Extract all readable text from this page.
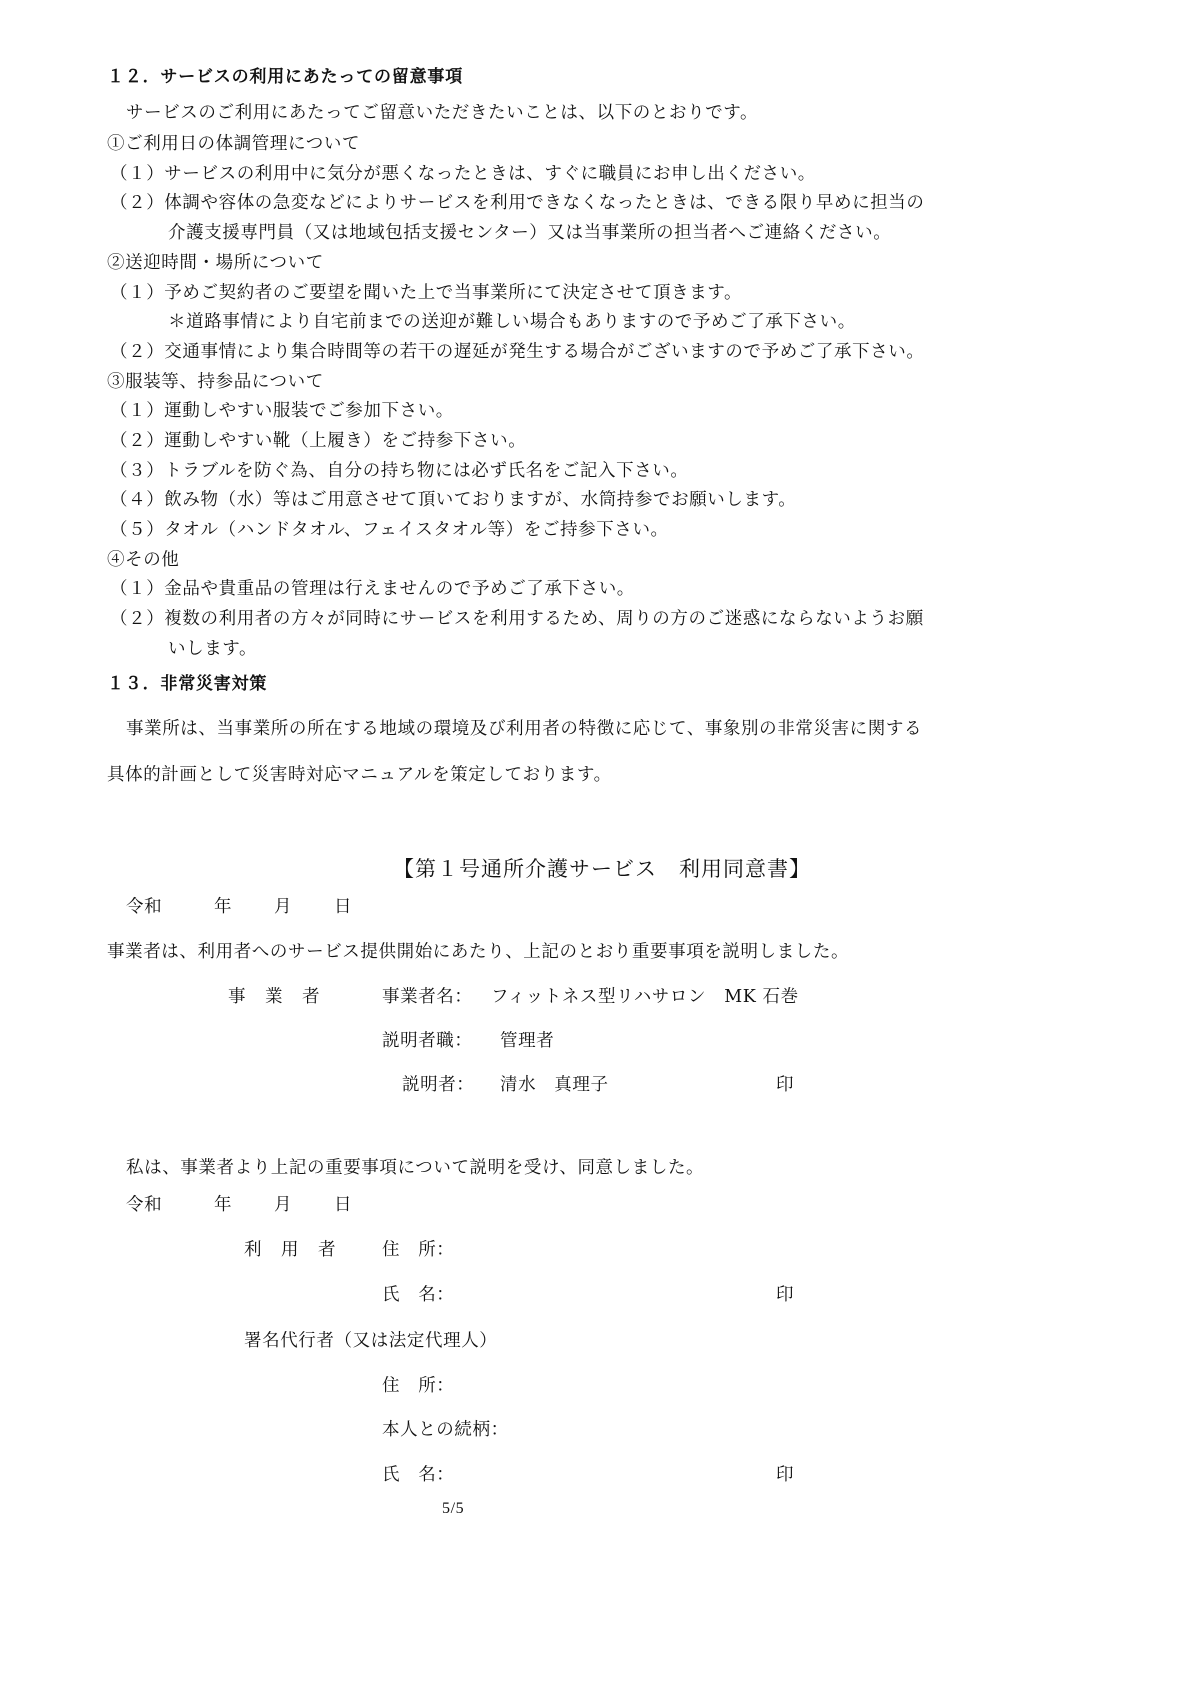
１２．サービスの利用にあたっての留意事項
サービスのご利用にあたってご留意いただきたいことは、以下のとおりです。
①ご利用日の体調管理について
（１）サービスの利用中に気分が悪くなったときは、すぐに職員にお申し出ください。
（２）体調や容体の急変などによりサービスを利用できなくなったときは、できる限り早めに担当の
介護支援専門員（又は地域包括支援センター）又は当事業所の担当者へご連絡ください。
②送迎時間・場所について
（１）予めご契約者のご要望を聞いた上で当事業所にて決定させて頂きます。
＊道路事情により自宅前までの送迎が難しい場合もありますので予めご了承下さい。
（２）交通事情により集合時間等の若干の遅延が発生する場合がございますので予めご了承下さい。
③服装等、持参品について
（１）運動しやすい服装でご参加下さい。
（２）運動しやすい靴（上履き）をご持参下さい。
（３）トラブルを防ぐ為、自分の持ち物には必ず氏名をご記入下さい。
（４）飲み物（水）等はご用意させて頂いておりますが、水筒持参でお願いします。
（５）タオル（ハンドタオル、フェイスタオル等）をご持参下さい。
④その他
（１）金品や貴重品の管理は行えませんので予めご了承下さい。
（２）複数の利用者の方々が同時にサービスを利用するため、周りの方のご迷惑にならないようお願
いします。
１３．非常災害対策
事業所は、当事業所の所在する地域の環境及び利用者の特徴に応じて、事象別の非常災害に関する
具体的計画として災害時対応マニュアルを策定しております。
【第１号通所介護サービス　利用同意書】
令和	年 月 日
事業者は、利用者へのサービス提供開始にあたり、上記のとおり重要事項を説明しました。
事　業　者	事業者名： フィットネス型リハサロン　MK 石巻
説明者職： 管理者
説明者： 清水　真理子	印
私は、事業者より上記の重要事項について説明を受け、同意しました。
令和	年 月 日
利　用　者	住　所：
氏　名：	印
署名代行者（又は法定代理人）
住　所：
本人との続柄：
氏　名：	印
5/5
